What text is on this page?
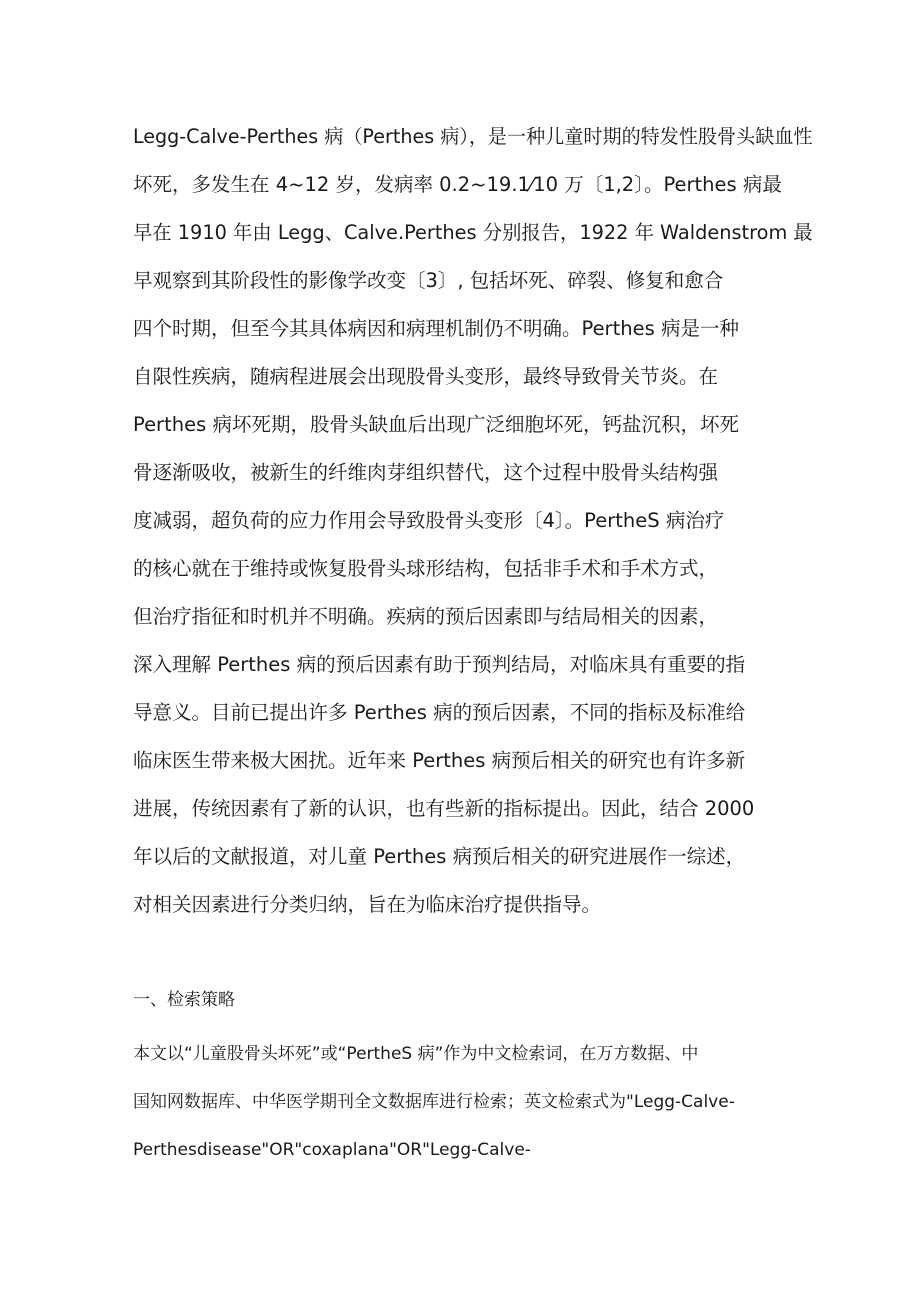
Legg-Calve-Perthes 病（Perthes 病），是一种儿童时期的特发性股骨头缺血性
坏死，多发生在 4~12 岁，发病率 0.2~19.1⁄10 万〔1,2〕。Perthes 病最
早在 1910 年由 Legg、Calve.Perthes 分别报告，1922 年 Waldenstrom 最
早观察到其阶段性的影像学改变〔3〕, 包括坏死、碎裂、修复和愈合
四个时期，但至今其具体病因和病理机制仍不明确。Perthes 病是一种
自限性疾病，随病程进展会出现股骨头变形，最终导致骨关节炎。在
Perthes 病坏死期，股骨头缺血后出现广泛细胞坏死，钙盐沉积，坏死
骨逐渐吸收，被新生的纤维肉芽组织替代，这个过程中股骨头结构强
度减弱，超负荷的应力作用会导致股骨头变形〔4〕。PertheS 病治疗
的核心就在于维持或恢复股骨头球形结构，包括非手术和手术方式，
但治疗指征和时机并不明确。疾病的预后因素即与结局相关的因素，
深入理解 Perthes 病的预后因素有助于预判结局，对临床具有重要的指
导意义。目前已提出许多 Perthes 病的预后因素，不同的指标及标准给
临床医生带来极大困扰。近年来 Perthes 病预后相关的研究也有许多新
进展，传统因素有了新的认识，也有些新的指标提出。因此，结合 2000
年以后的文献报道，对儿童 Perthes 病预后相关的研究进展作一综述，
对相关因素进行分类归纳，旨在为临床治疗提供指导。
一、检索策略
本文以“儿童股骨头坏死”或“PertheS 病”作为中文检索词，在万方数据、中
国知网数据库、中华医学期刊全文数据库进行检索；英文检索式为"Legg-Calve-
Perthesdisease"OR"coxaplana"OR"Legg-Calve-
